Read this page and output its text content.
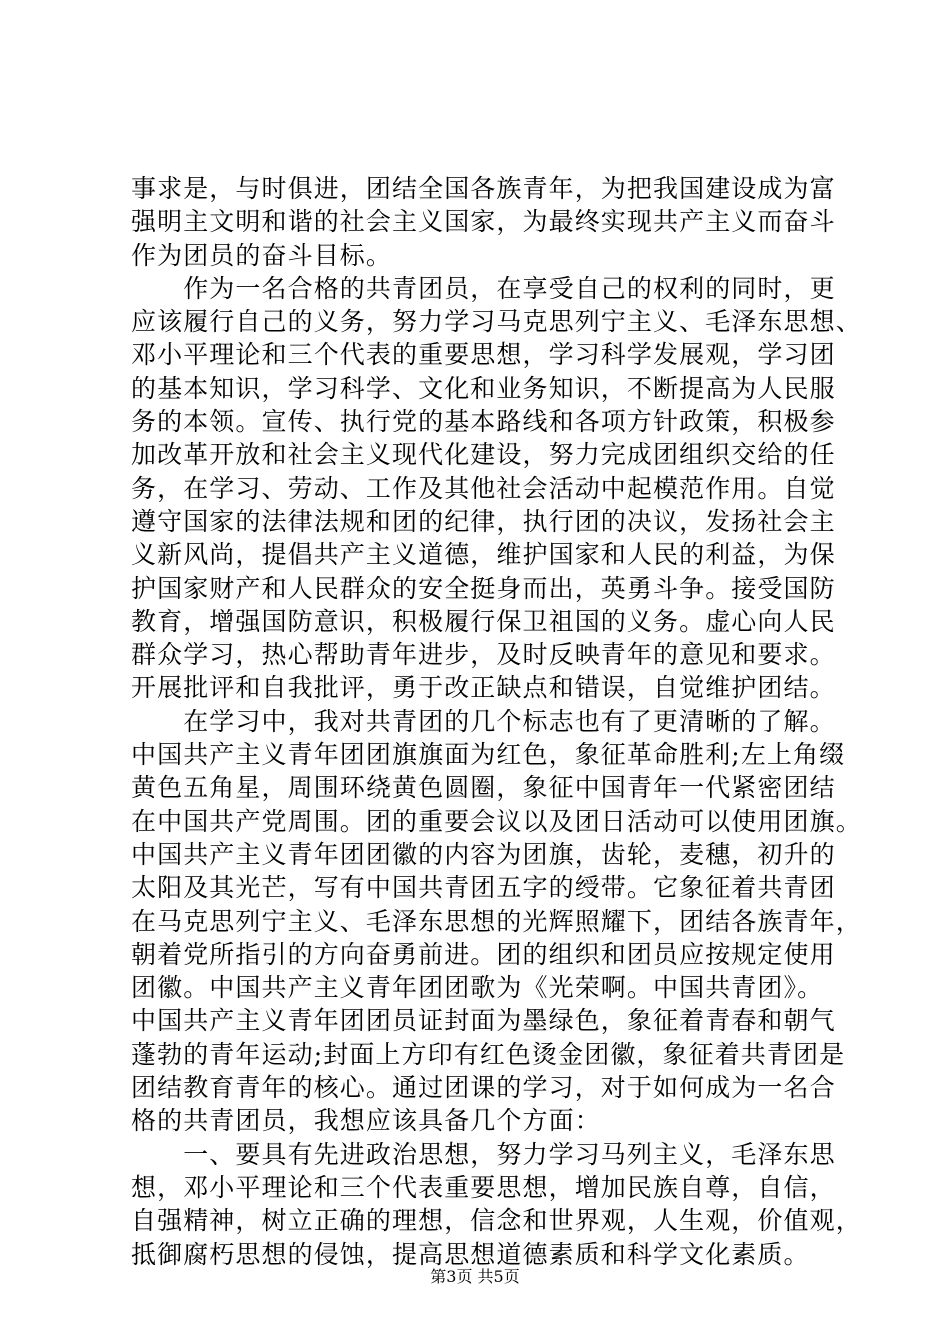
事求是，与时俱进，团结全国各族青年，为把我国建设成为富
强明主文明和谐的社会主义国家，为最终实现共产主义而奋斗
作为团员的奋斗目标。
　　作为一名合格的共青团员，在享受自己的权利的同时，更
应该履行自己的义务，努力学习马克思列宁主义、毛泽东思想、
邓小平理论和三个代表的重要思想，学习科学发展观，学习团
的基本知识，学习科学、文化和业务知识，不断提高为人民服
务的本领。宣传、执行党的基本路线和各项方针政策，积极参
加改革开放和社会主义现代化建设，努力完成团组织交给的任
务，在学习、劳动、工作及其他社会活动中起模范作用。自觉
遵守国家的法律法规和团的纪律，执行团的决议，发扬社会主
义新风尚，提倡共产主义道德，维护国家和人民的利益，为保
护国家财产和人民群众的安全挺身而出，英勇斗争。接受国防
教育，增强国防意识，积极履行保卫祖国的义务。虚心向人民
群众学习，热心帮助青年进步，及时反映青年的意见和要求。
开展批评和自我批评，勇于改正缺点和错误，自觉维护团结。
　　在学习中，我对共青团的几个标志也有了更清晰的了解。
中国共产主义青年团团旗旗面为红色，象征革命胜利;左上角缀
黄色五角星，周围环绕黄色圆圈，象征中国青年一代紧密团结
在中国共产党周围。团的重要会议以及团日活动可以使用团旗。
中国共产主义青年团团徽的内容为团旗，齿轮，麦穗，初升的
太阳及其光芒，写有中国共青团五字的绶带。它象征着共青团
在马克思列宁主义、毛泽东思想的光辉照耀下，团结各族青年，
朝着党所指引的方向奋勇前进。团的组织和团员应按规定使用
团徽。中国共产主义青年团团歌为《光荣啊。中国共青团》。
中国共产主义青年团团员证封面为墨绿色，象征着青春和朝气
蓬勃的青年运动;封面上方印有红色烫金团徽，象征着共青团是
团结教育青年的核心。通过团课的学习，对于如何成为一名合
格的共青团员，我想应该具备几个方面：
　　一、要具有先进政治思想，努力学习马列主义，毛泽东思
想，邓小平理论和三个代表重要思想，增加民族自尊，自信，
自强精神，树立正确的理想，信念和世界观，人生观，价值观，
抵御腐朽思想的侵蚀，提高思想道德素质和科学文化素质。
第3页 共5页
